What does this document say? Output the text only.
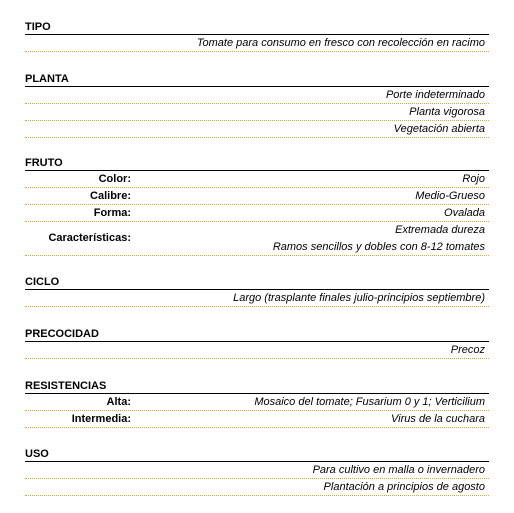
TIPO
Tomate para consumo en fresco con recolección en racimo
PLANTA
Porte indeterminado
Planta vigorosa
Vegetación abierta
FRUTO
Color:	Rojo
Calibre:	Medio-Grueso
Forma:	Ovalada
Características:
Extremada dureza
Ramos sencillos y dobles con 8-12 tomates
CICLO
Largo (trasplante finales julio-principios septiembre)
PRECOCIDAD
Precoz
RESISTENCIAS
Alta:	Mosaico del tomate; Fusarium 0 y 1; Verticilium
Intermedia:	Virus de la cuchara
USO
Para cultivo en malla o invernadero
Plantación a principios de agosto
